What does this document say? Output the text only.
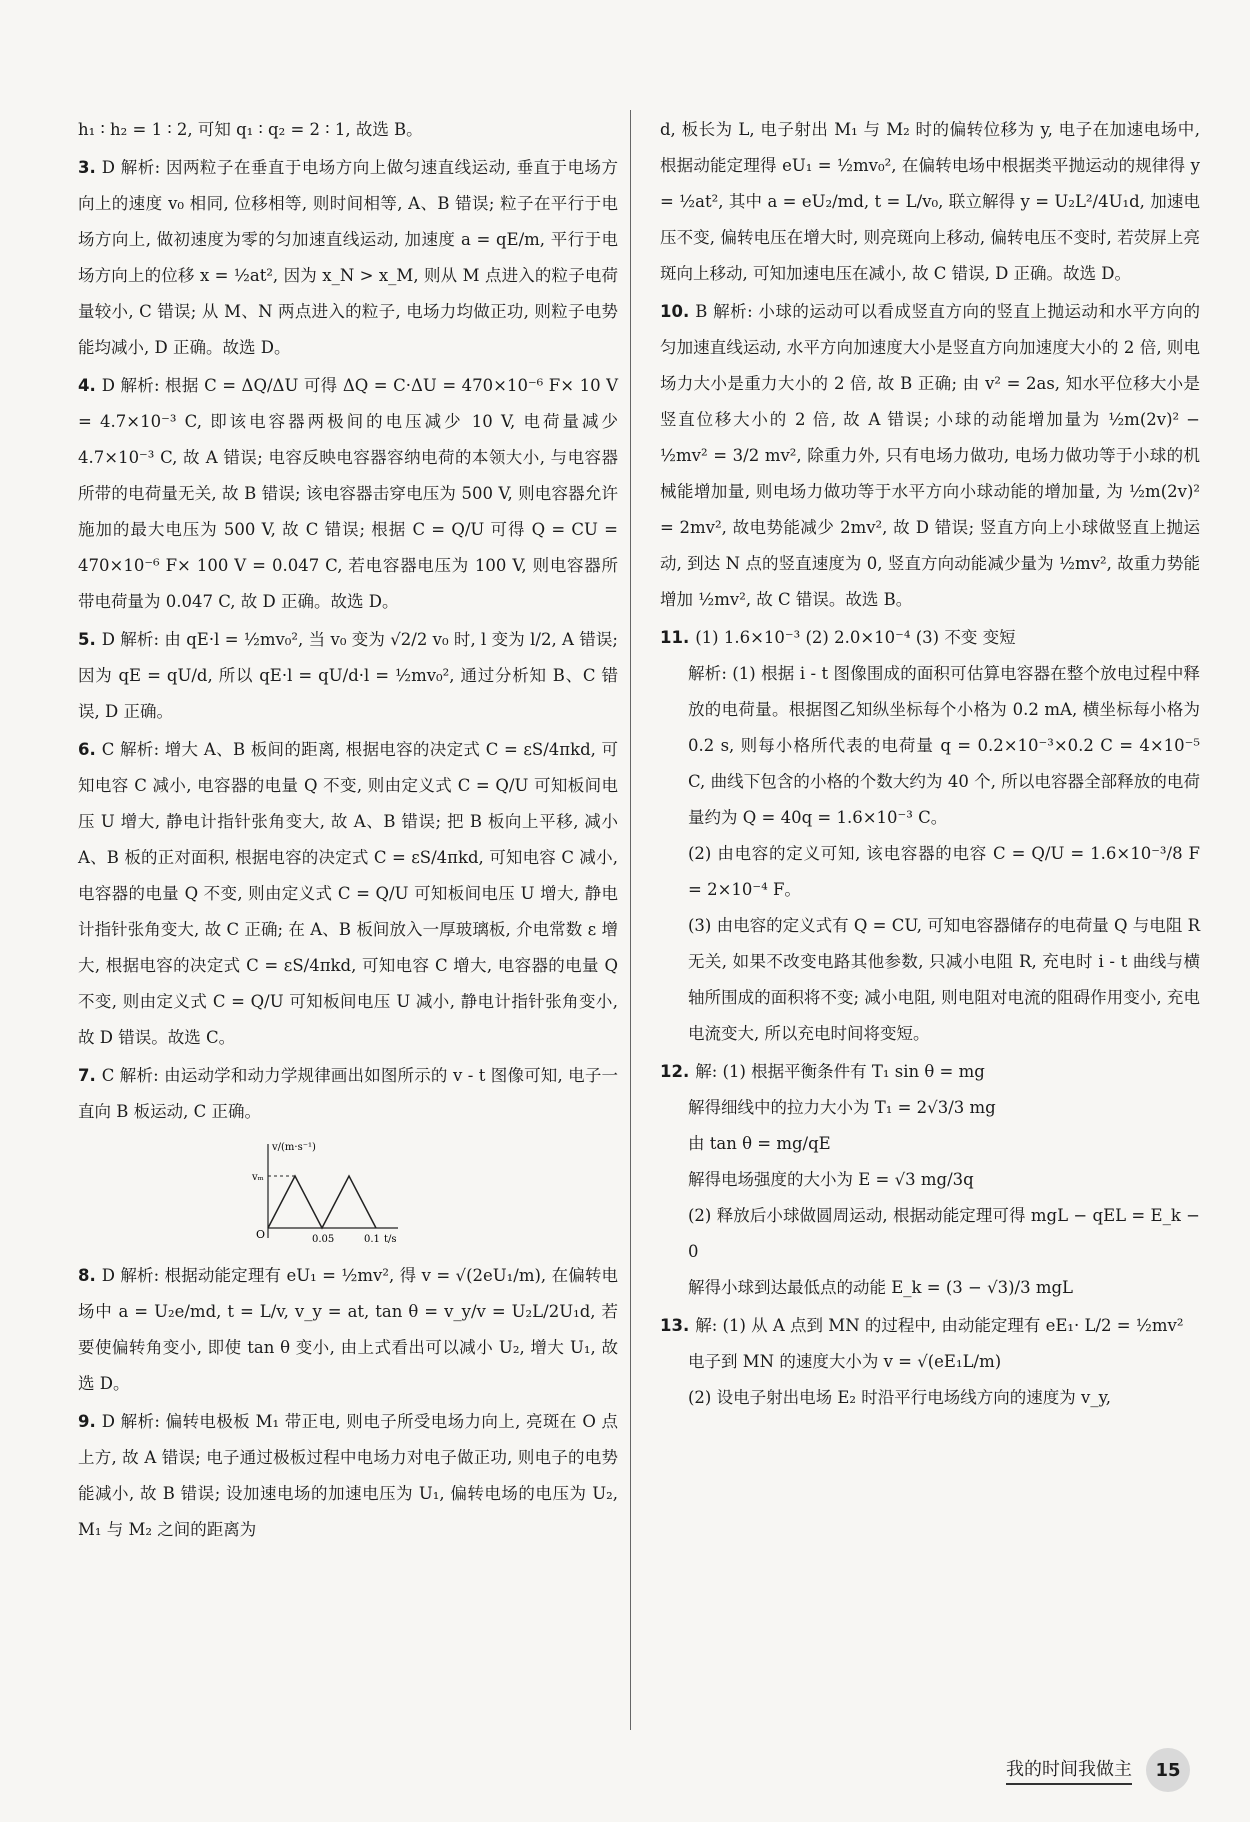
h₁ ∶ h₂ = 1 ∶ 2, 可知 q₁ ∶ q₂ = 2 ∶ 1, 故选 B。
3. D 解析: 因两粒子在垂直于电场方向上做匀速直线运动, 垂直于电场方向上的速度 v₀ 相同, 位移相等, 则时间相等, A、B 错误; 粒子在平行于电场方向上, 做初速度为零的匀加速直线运动, 加速度 a = qE/m, 平行于电场方向上的位移 x = ½at², 因为 x_N > x_M, 则从 M 点进入的粒子电荷量较小, C 错误; 从 M、N 两点进入的粒子, 电场力均做正功, 则粒子电势能均减小, D 正确。故选 D。
4. D 解析: 根据 C = ΔQ/ΔU 可得 ΔQ = C·ΔU = 470×10⁻⁶ F× 10 V = 4.7×10⁻³ C, 即该电容器两极间的电压减少 10 V, 电荷量减少 4.7×10⁻³ C, 故 A 错误; 电容反映电容器容纳电荷的本领大小, 与电容器所带的电荷量无关, 故 B 错误; 该电容器击穿电压为 500 V, 则电容器允许施加的最大电压为 500 V, 故 C 错误; 根据 C = Q/U 可得 Q = CU = 470×10⁻⁶ F× 100 V = 0.047 C, 若电容器电压为 100 V, 则电容器所带电荷量为 0.047 C, 故 D 正确。故选 D。
5. D 解析: 由 qE·l = ½mv₀², 当 v₀ 变为 √2/2 v₀ 时, l 变为 l/2, A 错误; 因为 qE = qU/d, 所以 qE·l = qU/d·l = ½mv₀², 通过分析知 B、C 错误, D 正确。
6. C 解析: 增大 A、B 板间的距离, 根据电容的决定式 C = εS/4πkd, 可知电容 C 减小, 电容器的电量 Q 不变, 则由定义式 C = Q/U 可知板间电压 U 增大, 静电计指针张角变大, 故 A、B 错误; 把 B 板向上平移, 减小 A、B 板的正对面积, 根据电容的决定式 C = εS/4πkd, 可知电容 C 减小, 电容器的电量 Q 不变, 则由定义式 C = Q/U 可知板间电压 U 增大, 静电计指针张角变大, 故 C 正确; 在 A、B 板间放入一厚玻璃板, 介电常数 ε 增大, 根据电容的决定式 C = εS/4πkd, 可知电容 C 增大, 电容器的电量 Q 不变, 则由定义式 C = Q/U 可知板间电压 U 减小, 静电计指针张角变小, 故 D 错误。故选 C。
7. C 解析: 由运动学和动力学规律画出如图所示的 v - t 图像可知, 电子一直向 B 板运动, C 正确。
v/(m·s⁻¹)
vₘ
O	0.05	0.1 t/s
8. D 解析: 根据动能定理有 eU₁ = ½mv², 得 v = √(2eU₁/m), 在偏转电场中 a = U₂e/md, t = L/v, v_y = at, tan θ = v_y/v = U₂L/2U₁d, 若要使偏转角变小, 即使 tan θ 变小, 由上式看出可以减小 U₂, 增大 U₁, 故选 D。
9. D 解析: 偏转电极板 M₁ 带正电, 则电子所受电场力向上, 亮斑在 O 点上方, 故 A 错误; 电子通过极板过程中电场力对电子做正功, 则电子的电势能减小, 故 B 错误; 设加速电场的加速电压为 U₁, 偏转电场的电压为 U₂, M₁ 与 M₂ 之间的距离为
d, 板长为 L, 电子射出 M₁ 与 M₂ 时的偏转位移为 y, 电子在加速电场中, 根据动能定理得 eU₁ = ½mv₀², 在偏转电场中根据类平抛运动的规律得 y = ½at², 其中 a = eU₂/md, t = L/v₀, 联立解得 y = U₂L²/4U₁d, 加速电压不变, 偏转电压在增大时, 则亮斑向上移动, 偏转电压不变时, 若荧屏上亮斑向上移动, 可知加速电压在减小, 故 C 错误, D 正确。故选 D。
10. B 解析: 小球的运动可以看成竖直方向的竖直上抛运动和水平方向的匀加速直线运动, 水平方向加速度大小是竖直方向加速度大小的 2 倍, 则电场力大小是重力大小的 2 倍, 故 B 正确; 由 v² = 2as, 知水平位移大小是竖直位移大小的 2 倍, 故 A 错误; 小球的动能增加量为 ½m(2v)² − ½mv² = 3/2 mv², 除重力外, 只有电场力做功, 电场力做功等于小球的机械能增加量, 则电场力做功等于水平方向小球动能的增加量, 为 ½m(2v)² = 2mv², 故电势能减少 2mv², 故 D 错误; 竖直方向上小球做竖直上抛运动, 到达 N 点的竖直速度为 0, 竖直方向动能减少量为 ½mv², 故重力势能增加 ½mv², 故 C 错误。故选 B。
11. (1) 1.6×10⁻³ (2) 2.0×10⁻⁴ (3) 不变 变短
解析: (1) 根据 i - t 图像围成的面积可估算电容器在整个放电过程中释放的电荷量。根据图乙知纵坐标每个小格为 0.2 mA, 横坐标每小格为 0.2 s, 则每小格所代表的电荷量 q = 0.2×10⁻³×0.2 C = 4×10⁻⁵ C, 曲线下包含的小格的个数大约为 40 个, 所以电容器全部释放的电荷量约为 Q = 40q = 1.6×10⁻³ C。
(2) 由电容的定义可知, 该电容器的电容 C = Q/U = 1.6×10⁻³/8 F = 2×10⁻⁴ F。
(3) 由电容的定义式有 Q = CU, 可知电容器储存的电荷量 Q 与电阻 R 无关, 如果不改变电路其他参数, 只减小电阻 R, 充电时 i - t 曲线与横轴所围成的面积将不变; 减小电阻, 则电阻对电流的阻碍作用变小, 充电电流变大, 所以充电时间将变短。
12. 解: (1) 根据平衡条件有 T₁ sin θ = mg
解得细线中的拉力大小为 T₁ = 2√3/3 mg
由 tan θ = mg/qE
解得电场强度的大小为 E = √3 mg/3q
(2) 释放后小球做圆周运动, 根据动能定理可得 mgL − qEL = E_k − 0
解得小球到达最低点的动能 E_k = (3 − √3)/3 mgL
13. 解: (1) 从 A 点到 MN 的过程中, 由动能定理有 eE₁· L/2 = ½mv²
电子到 MN 的速度大小为 v = √(eE₁L/m)
(2) 设电子射出电场 E₂ 时沿平行电场线方向的速度为 v_y,
我的时间我做主	15
